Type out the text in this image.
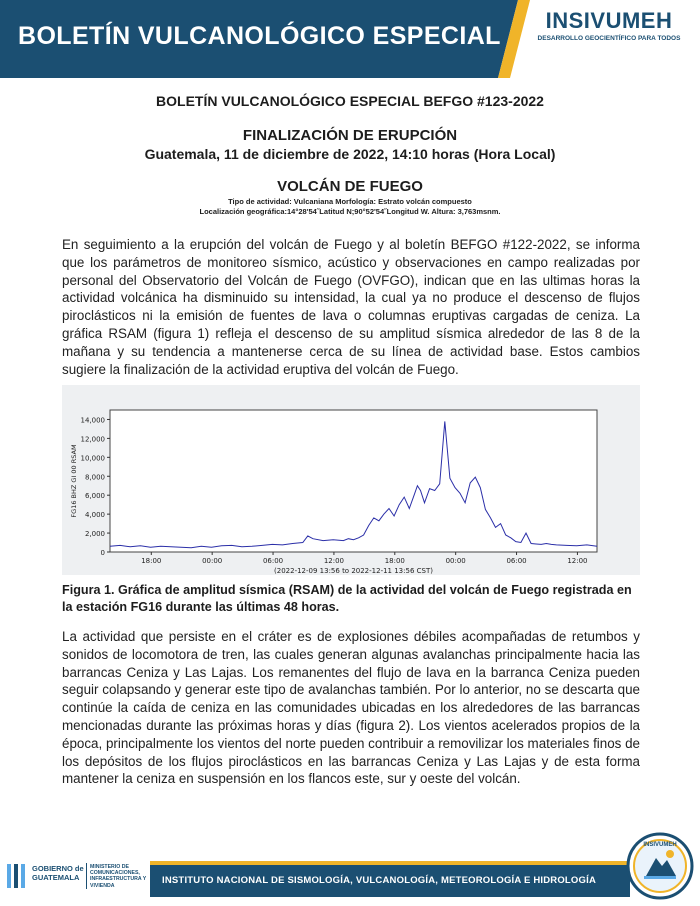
BOLETÍN VULCANOLÓGICO ESPECIAL
INSIVUMEH
DESARROLLO GEOCIENTÍFICO PARA TODOS
BOLETÍN VULCANOLÓGICO ESPECIAL BEFGO #123-2022
FINALIZACIÓN DE ERUPCIÓN
Guatemala, 11 de diciembre de 2022, 14:10 horas (Hora Local)
VOLCÁN DE FUEGO
Tipo de actividad: Vulcaniana Morfología: Estrato volcán compuesto
Localización geográfica:14°28'54˝Latitud N;90°52'54˝Longitud W. Altura: 3,763msnm.
En seguimiento a la erupción del volcán de Fuego y al boletín BEFGO #122-2022, se informa que los parámetros de monitoreo sísmico, acústico y observaciones en campo realizadas por personal del Observatorio del Volcán de Fuego (OVFGO), indican que en las ultimas horas la actividad volcánica ha disminuido su intensidad, la cual ya no produce el descenso de flujos piroclásticos ni la emisión de fuentes de lava o columnas eruptivas cargadas de ceniza. La gráfica RSAM (figura 1) refleja el descenso de su amplitud sísmica alrededor de las 8 de la mañana y su tendencia a mantenerse cerca de su línea de actividad base. Estos cambios sugiere la finalización de la actividad eruptiva del volcán de Fuego.
0
2,000
4,000
6,000
8,000
10,000
12,000
14,000
18:00	00:00	06:00	12:00	18:00	00:00	06:00	12:00
(2022-12-09 13:56 to 2022-12-11 13:56 CST)
FG16 BHZ GI 00 RSAM
Figura 1. Gráfica de amplitud sísmica (RSAM) de la actividad del volcán de Fuego registrada en la estación FG16 durante las últimas 48 horas.
La actividad que persiste en el cráter es de explosiones débiles acompañadas de retumbos y sonidos de locomotora de tren, las cuales generan algunas avalanchas principalmente hacia las barrancas Ceniza y Las Lajas. Los remanentes del flujo de lava en la barranca Ceniza pueden seguir colapsando y generar este tipo de avalanchas también. Por lo anterior, no se descarta que continúe la caída de ceniza en las comunidades ubicadas en los alrededores de las barrancas mencionadas durante las próximas horas y días (figura 2). Los vientos acelerados propios de la época, principalmente los vientos del norte pueden contribuir a removilizar los materiales finos de los depósitos de los flujos piroclásticos en las barrancas Ceniza y Las Lajas y de esta forma mantener la ceniza en suspensión en los flancos este, sur y oeste del volcán.
GOBIERNO de
GUATEMALA
MINISTERIO DE COMUNICACIONES, INFRAESTRUCTURA Y VIVIENDA	INSTITUTO NACIONAL DE SISMOLOGÍA, VULCANOLOGÍA, METEOROLOGÍA E HIDROLOGÍA
INSIVUMEH
